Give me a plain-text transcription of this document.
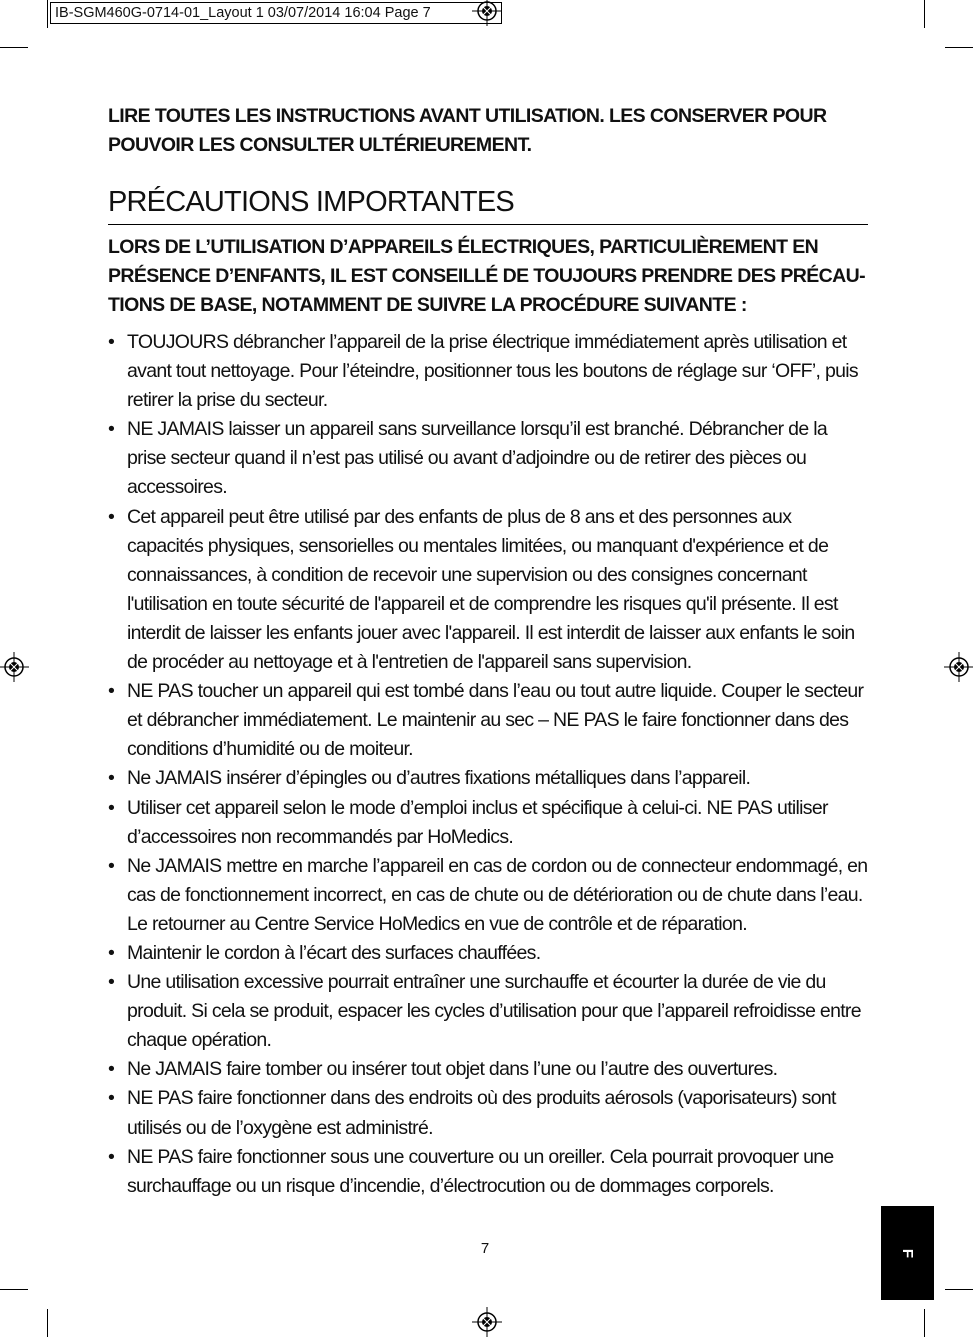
IB-SGM460G-0714-01_Layout 1 03/07/2014 16:04 Page 7

LIRE TOUTES LES INSTRUCTIONS AVANT UTILISATION. LES CONSERVER POUR POUVOIR LES CONSULTER ULTÉRIEUREMENT.

PRÉCAUTIONS IMPORTANTES

LORS DE L’UTILISATION D’APPAREILS ÉLECTRIQUES, PARTICULIÈREMENT EN PRÉSENCE D’ENFANTS, IL EST CONSEILLÉ DE TOUJOURS PRENDRE DES PRÉCAU-TIONS DE BASE, NOTAMMENT DE SUIVRE LA PROCÉDURE SUIVANTE :

• TOUJOURS débrancher l’appareil de la prise électrique immédiatement après utilisation et avant tout nettoyage. Pour l’éteindre, positionner tous les boutons de réglage sur ‘OFF’, puis retirer la prise du secteur.
• NE JAMAIS laisser un appareil sans surveillance lorsqu’il est branché. Débrancher de la prise secteur quand il n’est pas utilisé ou avant d’adjoindre ou de retirer des pièces ou accessoires.
• Cet appareil peut être utilisé par des enfants de plus de 8 ans et des personnes aux capacités physiques, sensorielles ou mentales limitées, ou manquant d'expérience et de connaissances, à condition de recevoir une supervision ou des consignes concernant l'utilisation en toute sécurité de l'appareil et de comprendre les risques qu'il présente. Il est interdit de laisser les enfants jouer avec l'appareil. Il est interdit de laisser aux enfants le soin de procéder au nettoyage et à l'entretien de l'appareil sans supervision.
• NE PAS toucher un appareil qui est tombé dans l’eau ou tout autre liquide. Couper le secteur et débrancher immédiatement. Le maintenir au sec – NE PAS le faire fonctionner dans des conditions d’humidité ou de moiteur.
• Ne JAMAIS insérer d’épingles ou d’autres fixations métalliques dans l’appareil.
• Utiliser cet appareil selon le mode d’emploi inclus et spécifique à celui-ci. NE PAS utiliser d’accessoires non recommandés par HoMedics.
• Ne JAMAIS mettre en marche l’appareil en cas de cordon ou de connecteur endommagé, en cas de fonctionnement incorrect, en cas de chute ou de détérioration ou de chute dans l’eau. Le retourner au Centre Service HoMedics en vue de contrôle et de réparation.
• Maintenir le cordon à l’écart des surfaces chauffées.
• Une utilisation excessive pourrait entraîner une surchauffe et écourter la durée de vie du produit. Si cela se produit, espacer les cycles d’utilisation pour que l’appareil refroidisse entre chaque opération.
• Ne JAMAIS faire tomber ou insérer tout objet dans l’une ou l’autre des ouvertures.
• NE PAS faire fonctionner dans des endroits où des produits aérosols (vaporisateurs) sont utilisés ou de l’oxygène est administré.
• NE PAS faire fonctionner sous une couverture ou un oreiller. Cela pourrait provoquer une surchauffage ou un risque d’incendie, d’électrocution ou de dommages corporels.
7	F
